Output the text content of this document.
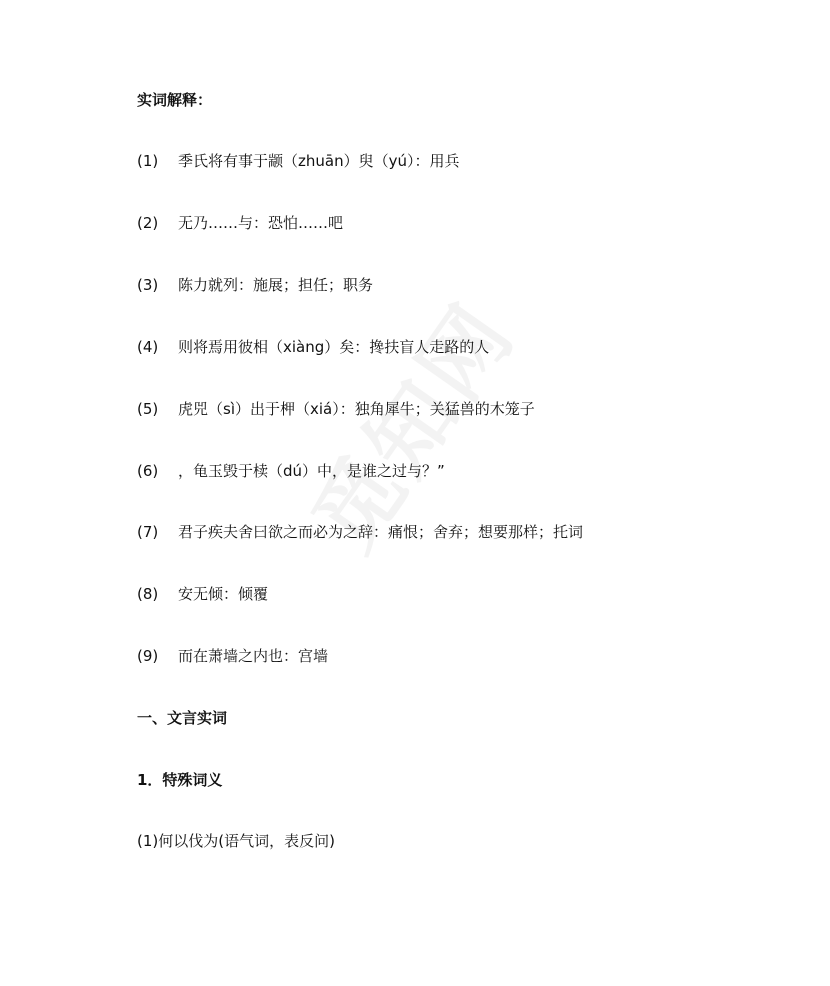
实词解释：
(1) 季氏将有事于颛（zhuān）臾（yú）：用兵
(2) 无乃……与：恐怕……吧
(3) 陈力就列：施展；担任；职务
(4) 则将焉用彼相（xiàng）矣：搀扶盲人走路的人
(5) 虎兕（sì）出于柙（xiá）：独角犀牛；关猛兽的木笼子
(6) ，龟玉毁于椟（dú）中，是谁之过与？”
(7) 君子疾夫舍曰欲之而必为之辞：痛恨；舍弃；想要那样；托词
(8) 安无倾：倾覆
(9) 而在萧墙之内也：宫墙
一、文言实词
1．特殊词义
(1)何以伐为(语气词，表反问)
